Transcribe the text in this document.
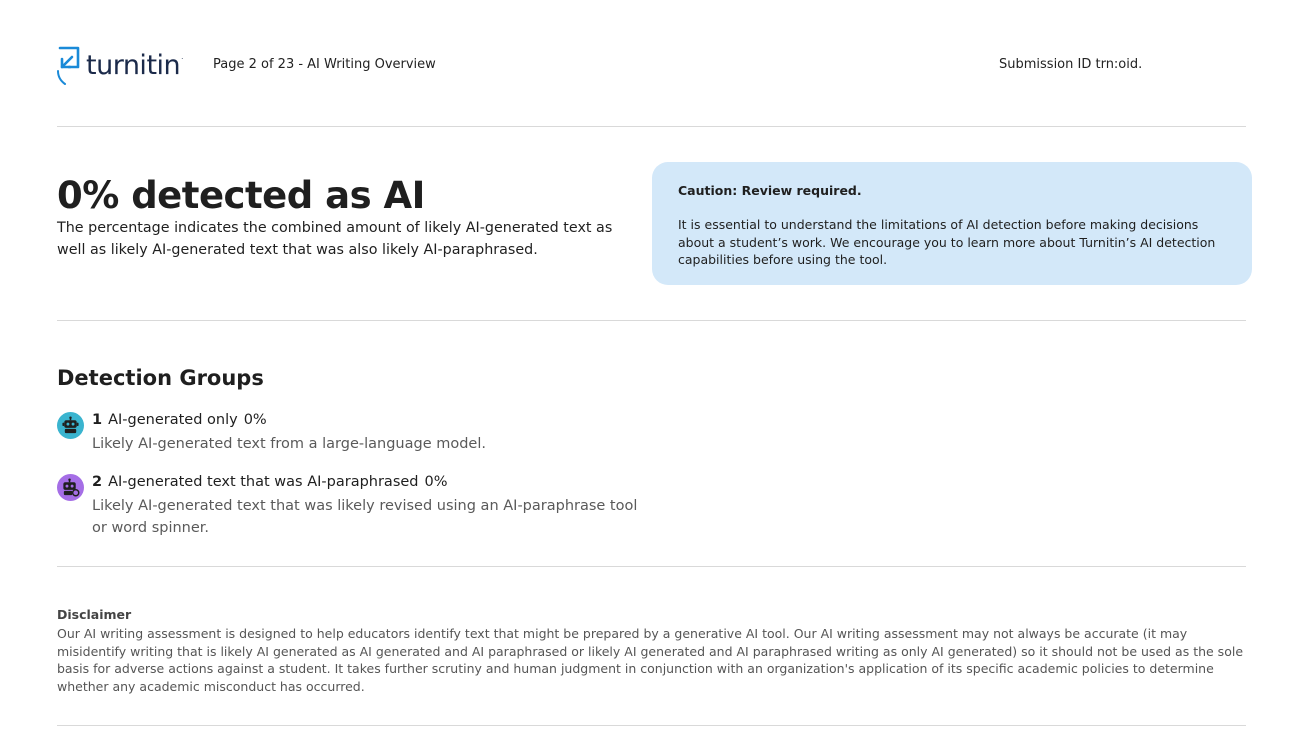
turnitin . Page 2 of 23 - AI Writing Overview	Submission ID trn:oid.
0% detected as AI
The percentage indicates the combined amount of likely AI-generated text as well as likely AI-generated text that was also likely AI-paraphrased.
Caution: Review required.
It is essential to understand the limitations of AI detection before making decisions about a student’s work. We encourage you to learn more about Turnitin’s AI detection capabilities before using the tool.
Detection Groups
1 AI-generated only 0%
Likely AI-generated text from a large-language model.
2 AI-generated text that was AI-paraphrased 0%
Likely AI-generated text that was likely revised using an AI-paraphrase tool or word spinner.
Disclaimer
Our AI writing assessment is designed to help educators identify text that might be prepared by a generative AI tool. Our AI writing assessment may not always be accurate (it may misidentify writing that is likely AI generated as AI generated and AI paraphrased or likely AI generated and AI paraphrased writing as only AI generated) so it should not be used as the sole basis for adverse actions against a student. It takes further scrutiny and human judgment in conjunction with an organization's application of its specific academic policies to determine whether any academic misconduct has occurred.
